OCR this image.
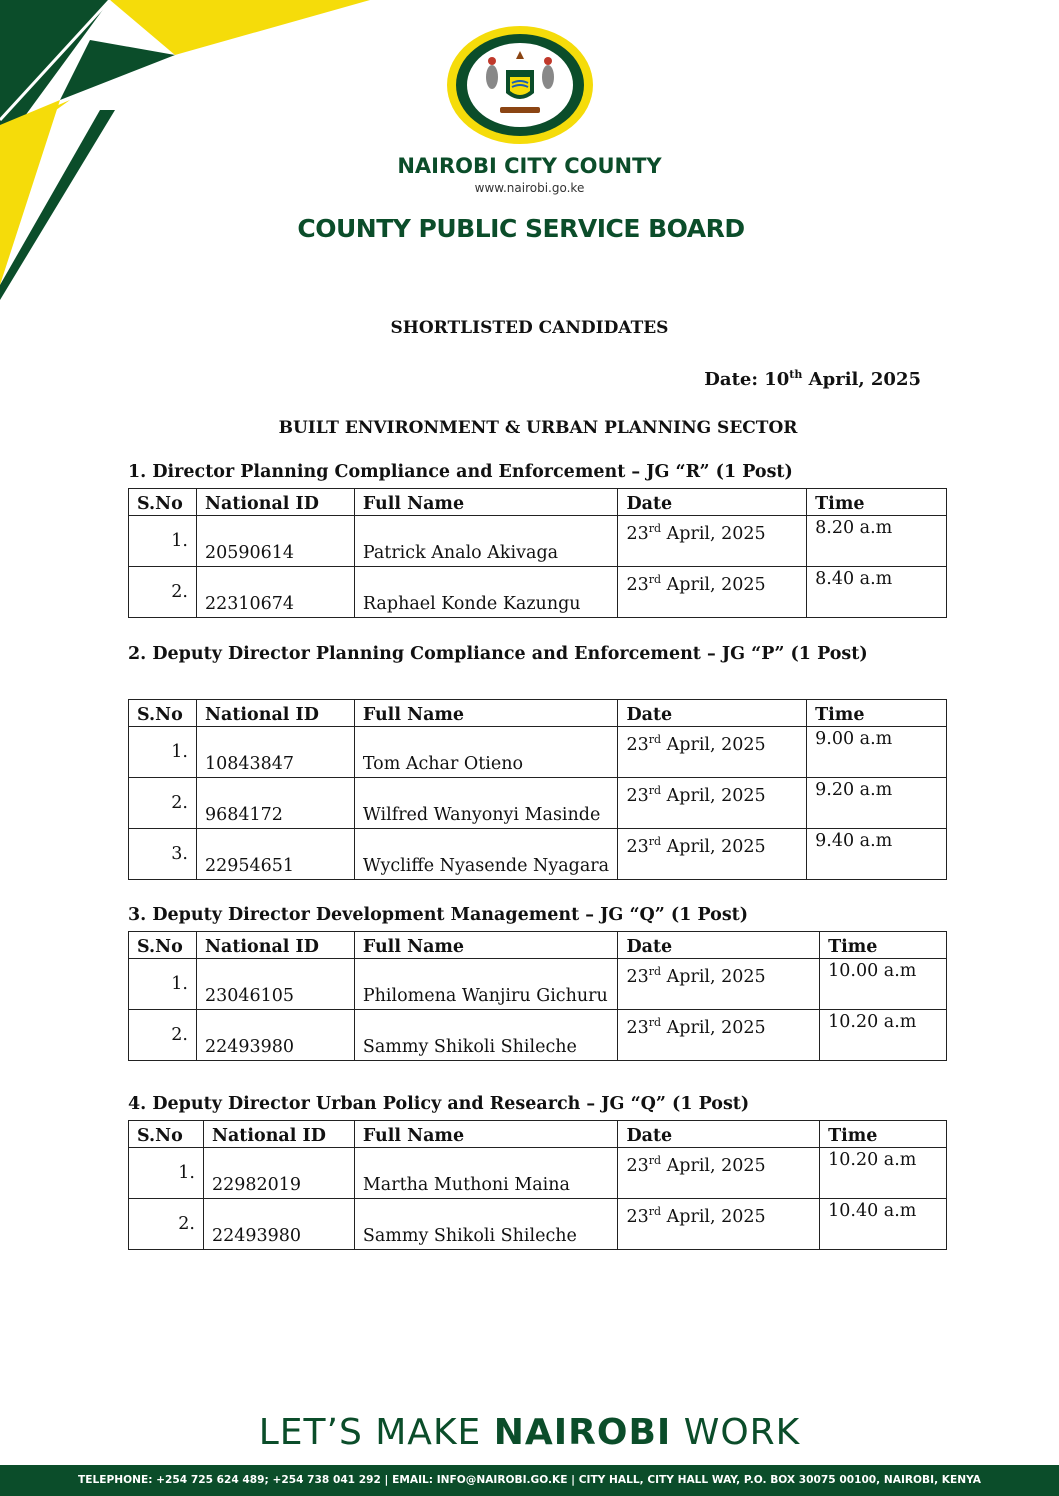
NAIROBI CITY COUNTY
www.nairobi.go.ke
COUNTY PUBLIC SERVICE BOARD
SHORTLISTED CANDIDATES
Date: 10th April, 2025
BUILT ENVIRONMENT & URBAN PLANNING SECTOR
1. Director Planning Compliance and Enforcement – JG “R” (1 Post)
S.No	National ID	Full Name	Date	Time
1.	20590614	Patrick Analo Akivaga	23rd April, 2025	8.20 a.m
2.	22310674	Raphael Konde Kazungu	23rd April, 2025	8.40 a.m
2. Deputy Director Planning Compliance and Enforcement – JG “P” (1 Post)
S.No	National ID	Full Name	Date	Time
1.	10843847	Tom Achar Otieno	23rd April, 2025	9.00 a.m
2.	9684172	Wilfred Wanyonyi Masinde	23rd April, 2025	9.20 a.m
3.	22954651	Wycliffe Nyasende Nyagara	23rd April, 2025	9.40 a.m
3. Deputy Director Development Management – JG “Q” (1 Post)
S.No	National ID	Full Name	Date	Time
1.	23046105	Philomena Wanjiru Gichuru	23rd April, 2025	10.00 a.m
2.	22493980	Sammy Shikoli Shileche	23rd April, 2025	10.20 a.m
4. Deputy Director Urban Policy and Research – JG “Q” (1 Post)
S.No	National ID	Full Name	Date	Time
1.	22982019	Martha Muthoni Maina	23rd April, 2025	10.20 a.m
2.	22493980	Sammy Shikoli Shileche	23rd April, 2025	10.40 a.m
LET’S MAKE NAIROBI WORK
TELEPHONE: +254 725 624 489; +254 738 041 292 | EMAIL: INFO@NAIROBI.GO.KE | CITY HALL, CITY HALL WAY, P.O. BOX 30075 00100, NAIROBI, KENYA
